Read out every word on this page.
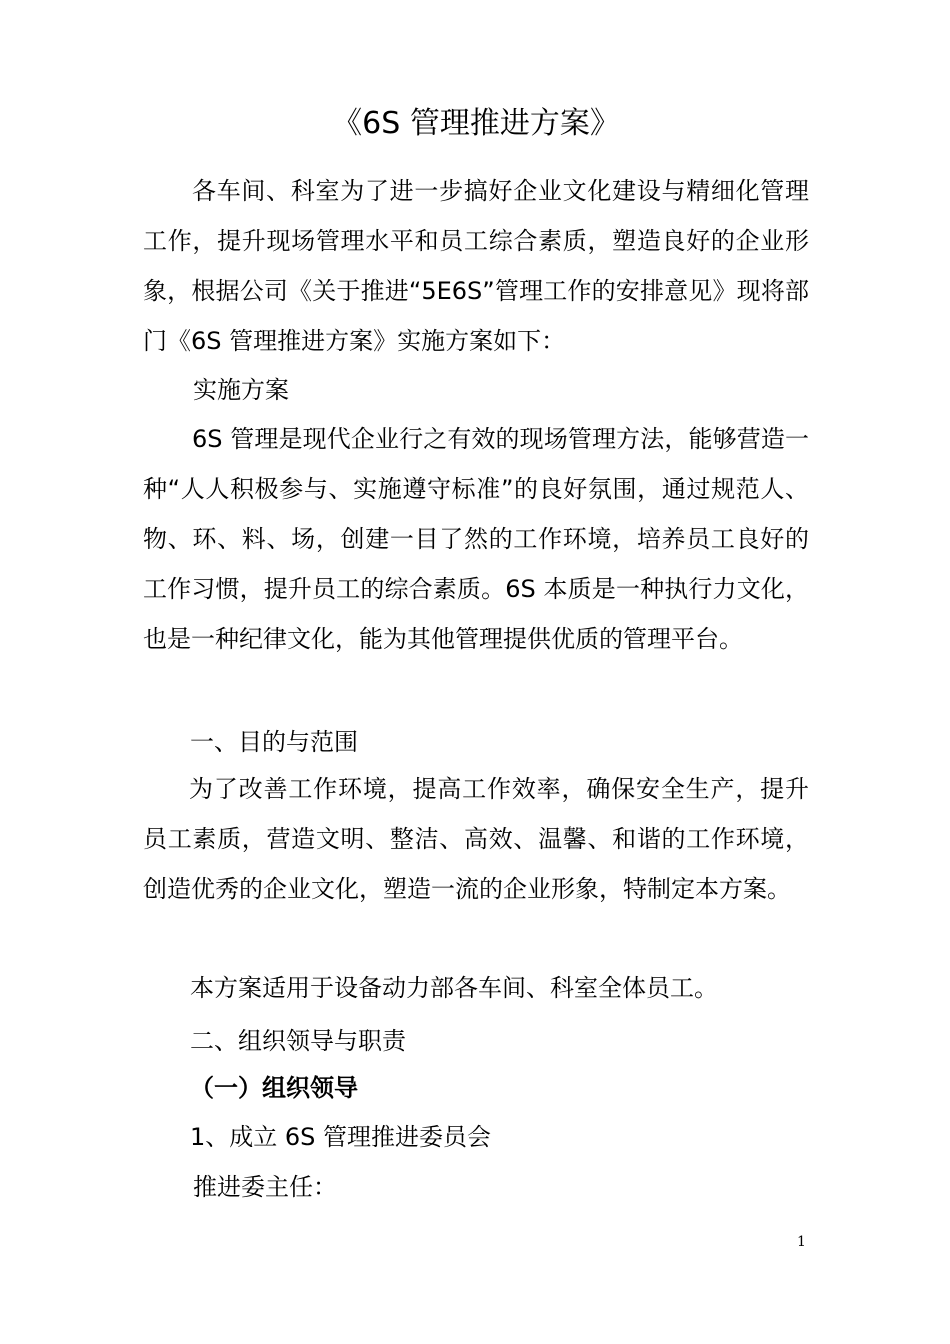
《6S 管理推进方案》

各车间、科室为了进一步搞好企业文化建设与精细化管理工作，提升现场管理水平和员工综合素质，塑造良好的企业形象，根据公司《关于推进“5E6S”管理工作的安排意见》现将部门《6S 管理推进方案》实施方案如下：

实施方案

6S 管理是现代企业行之有效的现场管理方法，能够营造一种“人人积极参与、实施遵守标准”的良好氛围，通过规范人、物、环、料、场，创建一目了然的工作环境，培养员工良好的工作习惯，提升员工的综合素质。6S 本质是一种执行力文化，也是一种纪律文化，能为其他管理提供优质的管理平台。

一、目的与范围

为了改善工作环境，提高工作效率，确保安全生产，提升员工素质，营造文明、整洁、高效、温馨、和谐的工作环境，创造优秀的企业文化，塑造一流的企业形象，特制定本方案。

本方案适用于设备动力部各车间、科室全体员工。

二、组织领导与职责

（一）组织领导

1、成立 6S 管理推进委员会

推进委主任：

1
